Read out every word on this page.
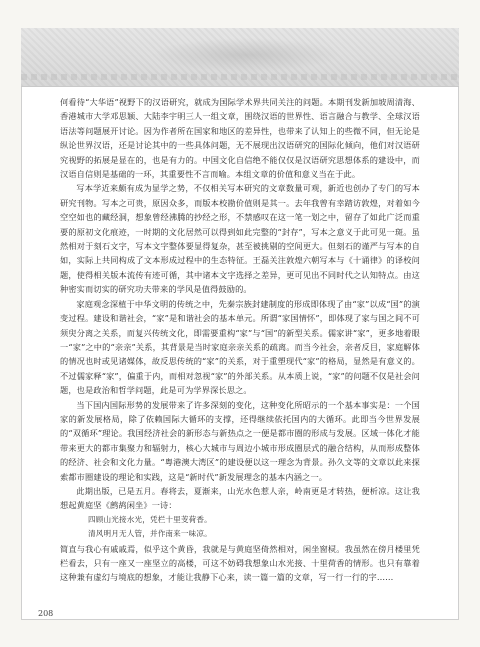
何看待“大华语”视野下的汉语研究，就成为国际学术界共同关注的问题。本期刊发新加坡周清海、香港城市大学邓思颖、大陆李宇明三人一组文章，围绕汉语的世界性、语言融合与教学、全球汉语语法等问题展开讨论。因为作者所在国家和地区的差异性，也带来了认知上的些微不同，但无论是纵论世界汉语，还是讨论其中的一些具体问题，无不展现出汉语研究的国际化倾向，他们对汉语研究视野的拓展是显在的，也是有力的。中国文化自信绝不能仅仅是汉语研究思想体系的建设中，而汉语自信则是基础的一环，其重要性不言而喻。本组文章的价值和意义当在于此。

写本学近来颇有成为显学之势，不仅相关写本研究的文章数量可观，新近也创办了专门的写本研究刊物。写本之可贵，原因众多，而版本校勘价值则是其一。去年我曾有幸踏访敦煌，对着如今空空如也的藏经洞，想象曾经沸腾的抄经之形，不禁感叹在这一笔一划之中，留存了如此广泛而重要的原初文化痕迹，一时期的文化居然可以得到如此完整的“封存”，写本之意义于此可见一斑。虽然相对于刻石文字，写本文字整体要显得复杂，甚至被挑剔的空间更大。但刻石的谨严与写本的自如，实际上共同构成了文本形成过程中的生态特征。王磊关注敦煌六朝写本与《十诵律》的译校问题，使得相关版本流传有迹可循，其中诸本文字选择之差异，更可见出不同时代之认知特点。由这种密实而切实的研究功夫带来的学风是值得鼓励的。

家庭观念深植于中华文明的传统之中，先秦宗族封建制度的形成即体现了由“家”以成“国”的演变过程。建设和谐社会，“家”是和谐社会的基本单元。所谓“家国情怀”，即体现了家与国之间不可须臾分离之关系，而复兴传统文化，即需要重构“家”与“国”的新型关系。儒家讲“家”，更多地着眼一“家”之中的“亲亲”关系，其背景是当时家庭亲亲关系的疏离。而当今社会，亲者反目，家庭解体的情况也时或见诸媒体，故反思传统的“家”的关系，对于重塑现代“家”的格局，显然是有意义的。不过儒家释“家”，偏重于内，而相对忽视“家”的外部关系。从本质上说，“家”的问题不仅是社会问题，也是政治和哲学问题，此是可为学界深长思之。

当下国内国际形势的发展带来了许多深刻的变化，这种变化所昭示的一个基本事实是：一个国家的新发展格局，除了依赖国际大循环的支撑，还得继续依托国内的大循环。此即当今世界发展的“双循环”理论。我国经济社会的新形态与新热点之一便是都市圈的形成与发展。区域一体化才能带来更大的都市集聚力和辐射力，核心大城市与周边小城市形成圈层式的融合结构，从而形成整体的经济、社会和文化力量。“粤港澳大湾区”的建设便以这一理念为背景。孙久文等的文章以此来探索都市圈建设的理论和实践，这是“新时代”新发展理念的基本内涵之一。

此期出版，已是五月。春将去，夏渐来，山光水色惹人亲，岭南更是才转热，便析凉。这让我想起黄庭坚《鹧鸪闲坐》一诗：

四顾山光接水光，凭栏十里芰荷香。

清风明月无人管，并作南来一味凉。

简直与我心有戚戚焉，似乎这个黄昏，我就是与黄庭坚倚然相对，闲坐窗棂。我虽然在傍月楼里凭栏看去，只有一座又一座坚立的高楼，可这不妨碍我想象山水光接、十里荷香的情形。也只有靠着这种兼有虚幻与境底的想象，才能让我静下心来，读一篇一篇的文章，写一行一行的字……

208
